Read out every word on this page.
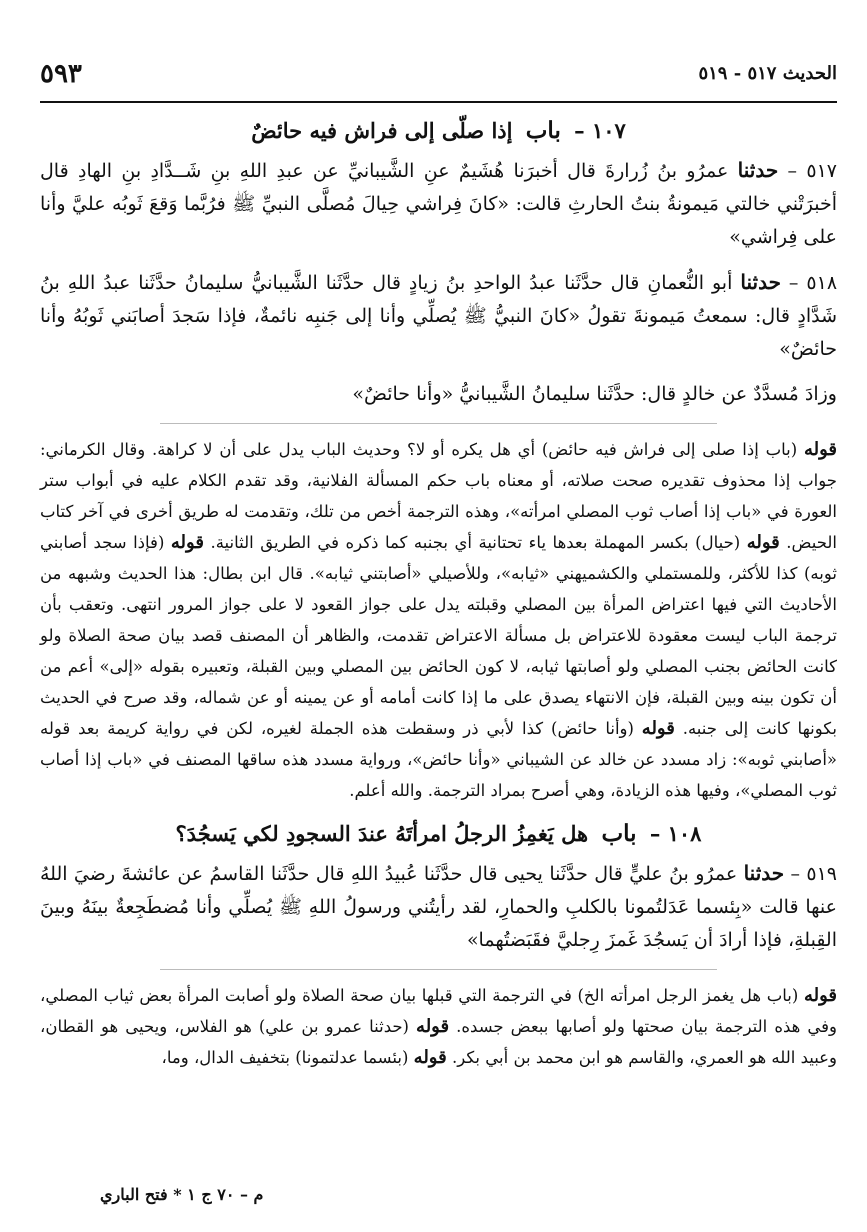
٥٩٣	الحديث ٥١٧ - ٥١٩
١٠٧ – باب إذا صلّى إلى فراش فيه حائضٌ

٥١٧ – حدثنا عمرُو بنُ زُرارةَ قال أخبرَنا هُشَيمٌ عنِ الشَّيبانيِّ عن عبدِ اللهِ بنِ شَــدَّادِ بنِ الهادِ قال أخبرَتْني خالتي مَيمونةُ بنتُ الحارثِ قالت: «كانَ فِراشي حِيالَ مُصلَّى النبيِّ ﷺ فرُبَّما وَقعَ ثَوبُه عليَّ وأنا على فِراشي»

٥١٨ – حدثنا أبو النُّعمانِ قال حدَّثَنا عبدُ الواحدِ بنُ زيادٍ قال حدَّثَنا الشَّيبانيُّ سليمانُ حدَّثَنا عبدُ اللهِ بنُ شَدَّادٍ قال: سمعتُ مَيمونةَ تقولُ «كانَ النبيُّ ﷺ يُصلِّي وأنا إلى جَنبِه نائمةٌ، فإذا سَجدَ أصابَني ثَوبُهُ وأنا حائضٌ»

وزادَ مُسدَّدٌ عن خالدٍ قال: حدَّثَنا سليمانُ الشَّيبانيُّ «وأنا حائضٌ»

قوله (باب إذا صلى إلى فراش فيه حائض) أي هل يكره أو لا؟ وحديث الباب يدل على أن لا كراهة. وقال الكرماني: جواب إذا محذوف تقديره صحت صلاته، أو معناه باب حكم المسألة الفلانية، وقد تقدم الكلام عليه في أبواب ستر العورة في «باب إذا أصاب ثوب المصلي امرأته»، وهذه الترجمة أخص من تلك، وتقدمت له طريق أخرى في آخر كتاب الحيض. قوله (حيال) بكسر المهملة بعدها ياء تحتانية أي بجنبه كما ذكره في الطريق الثانية. قوله (فإذا سجد أصابني ثوبه) كذا للأكثر، وللمستملي والكشميهني «ثيابه»، وللأصيلي «أصابتني ثيابه». قال ابن بطال: هذا الحديث وشبهه من الأحاديث التي فيها اعتراض المرأة بين المصلي وقبلته يدل على جواز القعود لا على جواز المرور انتهى. وتعقب بأن ترجمة الباب ليست معقودة للاعتراض بل مسألة الاعتراض تقدمت، والظاهر أن المصنف قصد بيان صحة الصلاة ولو كانت الحائض بجنب المصلي ولو أصابتها ثيابه، لا كون الحائض بين المصلي وبين القبلة، وتعبيره بقوله «إلى» أعم من أن تكون بينه وبين القبلة، فإن الانتهاء يصدق على ما إذا كانت أمامه أو عن يمينه أو عن شماله، وقد صرح في الحديث بكونها كانت إلى جنبه. قوله (وأنا حائض) كذا لأبي ذر وسقطت هذه الجملة لغيره، لكن في رواية كريمة بعد قوله «أصابني ثوبه»: زاد مسدد عن خالد عن الشيباني «وأنا حائض»، ورواية مسدد هذه ساقها المصنف في «باب إذا أصاب ثوب المصلي»، وفيها هذه الزيادة، وهي أصرح بمراد الترجمة. والله أعلم.

١٠٨ – باب هل يَغمِزُ الرجلُ امرأتَهُ عندَ السجودِ لكي يَسجُدَ؟

٥١٩ – حدثنا عمرُو بنُ عليٍّ قال حدَّثَنا يحيى قال حدَّثَنا عُبيدُ اللهِ قال حدَّثَنا القاسمُ عن عائشةَ رضيَ اللهُ عنها قالت «بِئسما عَدَلتُمونا بالكلبِ والحمارِ، لقد رأيتُني ورسولُ اللهِ ﷺ يُصلِّي وأنا مُضطَجِعةٌ بينَهُ وبينَ القِبلةِ، فإذا أرادَ أن يَسجُدَ غَمزَ رِجليَّ فقَبَضتُهما»

قوله (باب هل يغمز الرجل امرأته الخ) في الترجمة التي قبلها بيان صحة الصلاة ولو أصابت المرأة بعض ثياب المصلي، وفي هذه الترجمة بيان صحتها ولو أصابها ببعض جسده. قوله (حدثنا عمرو بن علي) هو الفلاس، ويحيى هو القطان، وعبيد الله هو العمري، والقاسم هو ابن محمد بن أبي بكر. قوله (بئسما عدلتمونا) بتخفيف الدال، وما،

م – ٧٠ ج ١ * فتح الباري
